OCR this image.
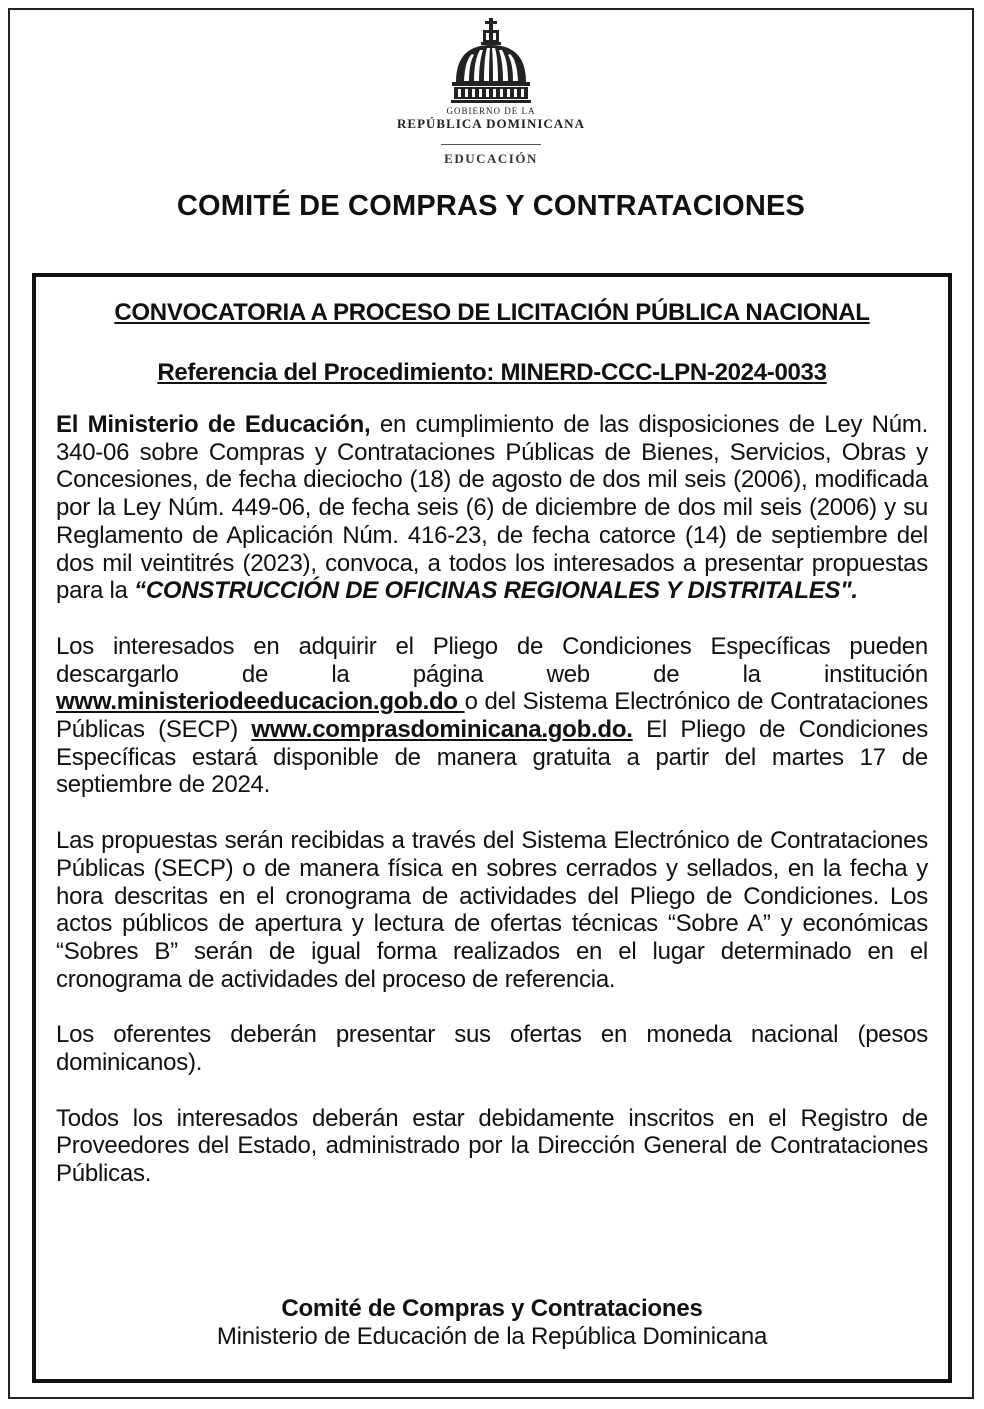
GOBIERNO DE LA
REPÚBLICA DOMINICANA
EDUCACIÓN
COMITÉ DE COMPRAS Y CONTRATACIONES
CONVOCATORIA A PROCESO DE LICITACIÓN PÚBLICA NACIONAL
Referencia del Procedimiento: MINERD-CCC-LPN-2024-0033

El Ministerio de Educación, en cumplimiento de las disposiciones de Ley Núm. 340-06 sobre Compras y Contrataciones Públicas de Bienes, Servicios, Obras y Concesiones, de fecha dieciocho (18) de agosto de dos mil seis (2006), modificada por la Ley Núm. 449-06, de fecha seis (6) de diciembre de dos mil seis (2006) y su Reglamento de Aplicación Núm. 416-23, de fecha catorce (14) de septiembre del dos mil veintitrés (2023), convoca, a todos los interesados a presentar propuestas para la “CONSTRUCCIÓN DE OFICINAS REGIONALES Y DISTRITALES".

Los interesados en adquirir el Pliego de Condiciones Específicas pueden descargarlo de la página web de la institución www.ministeriodeeducacion.gob.do o del Sistema Electrónico de Contrataciones Públicas (SECP) www.comprasdominicana.gob.do. El Pliego de Condiciones Específicas estará disponible de manera gratuita a partir del martes 17 de septiembre de 2024.

Las propuestas serán recibidas a través del Sistema Electrónico de Contrataciones Públicas (SECP) o de manera física en sobres cerrados y sellados, en la fecha y hora descritas en el cronograma de actividades del Pliego de Condiciones. Los actos públicos de apertura y lectura de ofertas técnicas “Sobre A” y económicas “Sobres B” serán de igual forma realizados en el lugar determinado en el cronograma de actividades del proceso de referencia.

Los oferentes deberán presentar sus ofertas en moneda nacional (pesos dominicanos).

Todos los interesados deberán estar debidamente inscritos en el Registro de Proveedores del Estado, administrado por la Dirección General de Contrataciones Públicas.

Comité de Compras y Contrataciones
Ministerio de Educación de la República Dominicana
